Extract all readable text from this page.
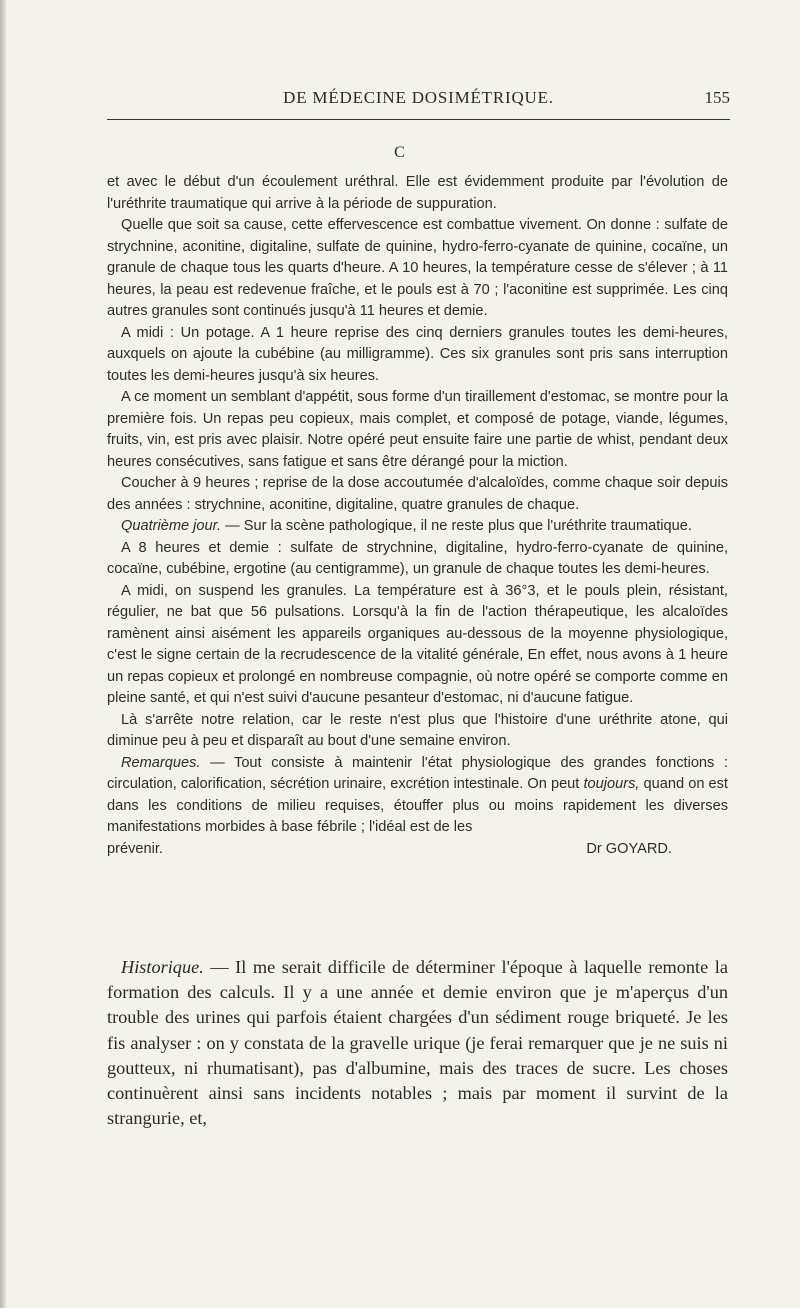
DE MÉDECINE DOSIMÉTRIQUE.	155
C

et avec le début d'un écoulement uréthral. Elle est évidemment produite par l'évolution de l'uréthrite traumatique qui arrive à la période de suppuration.

Quelle que soit sa cause, cette effervescence est combattue vivement. On donne : sulfate de strychnine, aconitine, digitaline, sulfate de quinine, hydro-ferro-cyanate de quinine, cocaïne, un granule de chaque tous les quarts d'heure. A 10 heures, la température cesse de s'élever ; à 11 heures, la peau est redevenue fraîche, et le pouls est à 70 ; l'aconitine est supprimée. Les cinq autres granules sont continués jusqu'à 11 heures et demie.

A midi : Un potage. A 1 heure reprise des cinq derniers granules toutes les demi-heures, auxquels on ajoute la cubébine (au milligramme). Ces six granules sont pris sans interruption toutes les demi-heures jusqu'à six heures.

A ce moment un semblant d'appétit, sous forme d'un tiraillement d'estomac, se montre pour la première fois. Un repas peu copieux, mais complet, et composé de potage, viande, légumes, fruits, vin, est pris avec plaisir. Notre opéré peut ensuite faire une partie de whist, pendant deux heures consécutives, sans fatigue et sans être dérangé pour la miction.

Coucher à 9 heures ; reprise de la dose accoutumée d'alcaloïdes, comme chaque soir depuis des années : strychnine, aconitine, digitaline, quatre granules de chaque.

Quatrième jour. — Sur la scène pathologique, il ne reste plus que l'uréthrite traumatique.

A 8 heures et demie : sulfate de strychnine, digitaline, hydro-ferro-cyanate de quinine, cocaïne, cubébine, ergotine (au centigramme), un granule de chaque toutes les demi-heures.

A midi, on suspend les granules. La température est à 36°3, et le pouls plein, résistant, régulier, ne bat que 56 pulsations. Lorsqu'à la fin de l'action thérapeutique, les alcaloïdes ramènent ainsi aisément les appareils organiques au-dessous de la moyenne physiologique, c'est le signe certain de la recrudescence de la vitalité générale, En effet, nous avons à 1 heure un repas copieux et prolongé en nombreuse compagnie, où notre opéré se comporte comme en pleine santé, et qui n'est suivi d'aucune pesanteur d'estomac, ni d'aucune fatigue.

Là s'arrête notre relation, car le reste n'est plus que l'histoire d'une uréthrite atone, qui diminue peu à peu et disparaît au bout d'une semaine environ.

Remarques. — Tout consiste à maintenir l'état physiologique des grandes fonctions : circulation, calorification, sécrétion urinaire, excrétion intestinale. On peut toujours, quand on est dans les conditions de milieu requises, étouffer plus ou moins rapidement les diverses manifestations morbides à base fébrile ; l'idéal est de les

prévenir.	Dr GOYARD.

Historique. — Il me serait difficile de déterminer l'époque à laquelle remonte la formation des calculs. Il y a une année et demie environ que je m'aperçus d'un trouble des urines qui parfois étaient chargées d'un sédiment rouge briqueté. Je les fis analyser : on y constata de la gravelle urique (je ferai remarquer que je ne suis ni goutteux, ni rhumatisant), pas d'albumine, mais des traces de sucre. Les choses continuèrent ainsi sans incidents notables ; mais par moment il survint de la strangurie, et,
